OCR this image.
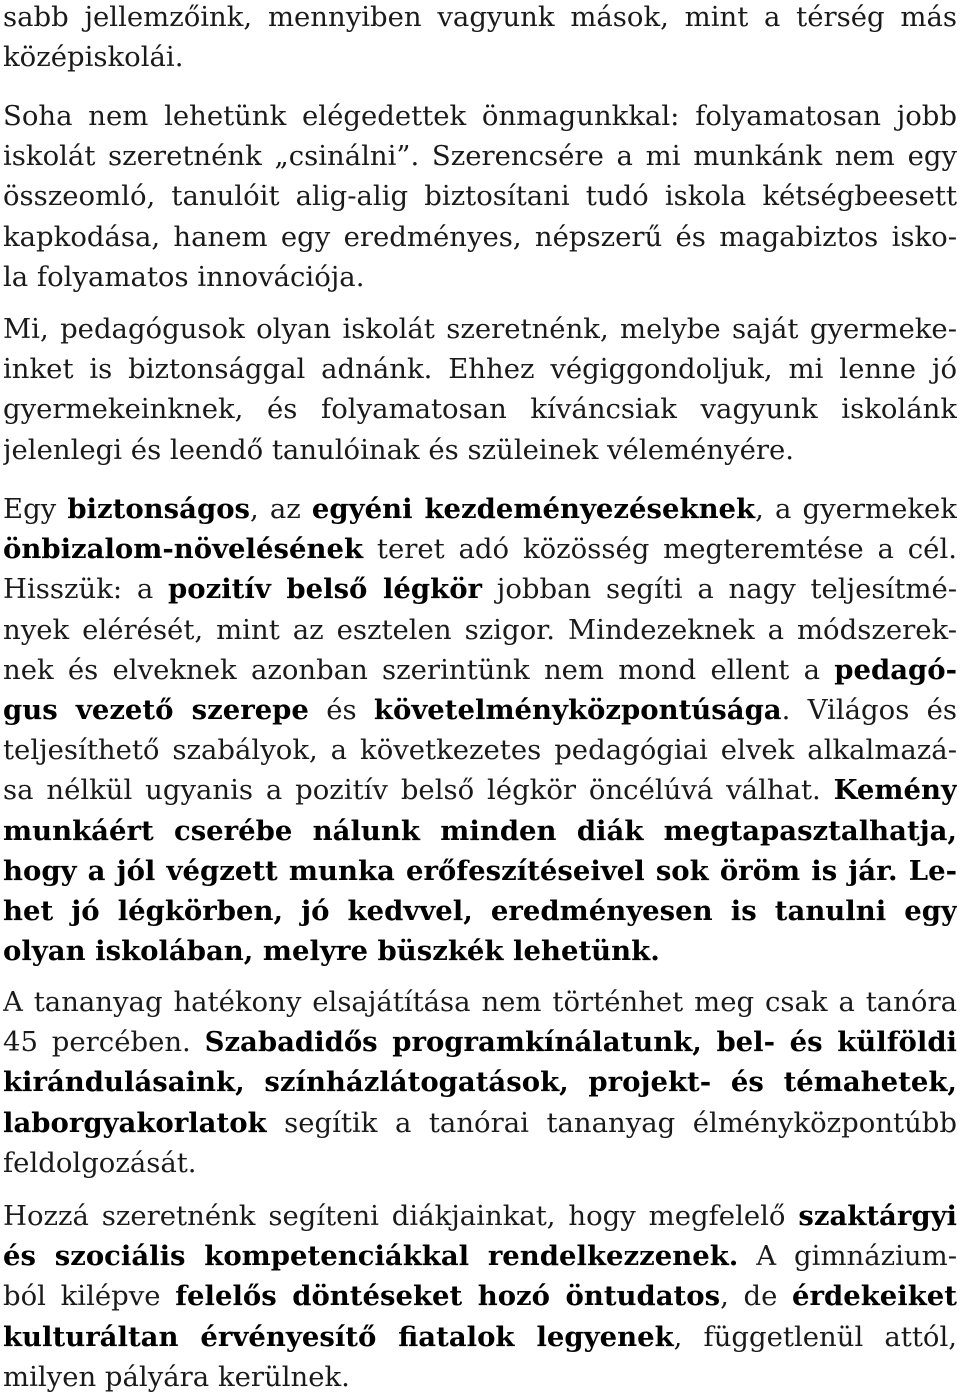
sabb jellemzőink, mennyiben vagyunk mások, mint a térség más
középiskolái.
Soha nem lehetünk elégedettek önmagunkkal: folyamatosan jobb
iskolát szeretnénk „csinálni”. Szerencsére a mi munkánk nem egy
összeomló, tanulóit alig-alig biztosítani tudó iskola kétségbeesett
kapkodása, hanem egy eredményes, népszerű és magabiztos isko-
la folyamatos innovációja.
Mi, pedagógusok olyan iskolát szeretnénk, melybe saját gyermeke-
inket is biztonsággal adnánk. Ehhez végiggondoljuk, mi lenne jó
gyermekeinknek, és folyamatosan kíváncsiak vagyunk iskolánk
jelenlegi és leendő tanulóinak és szüleinek véleményére.
Egy biztonságos, az egyéni kezdeményezéseknek, a gyermekek
önbizalom-növelésének teret adó közösség megteremtése a cél.
Hisszük: a pozitív belső légkör jobban segíti a nagy teljesítmé-
nyek elérését, mint az esztelen szigor. Mindezeknek a módszerek-
nek és elveknek azonban szerintünk nem mond ellent a pedagó-
gus vezető szerepe és követelményközpontúsága. Világos és
teljesíthető szabályok, a következetes pedagógiai elvek alkalmazá-
sa nélkül ugyanis a pozitív belső légkör öncélúvá válhat. Kemény
munkáért cserébe nálunk minden diák megtapasztalhatja,
hogy a jól végzett munka erőfeszítéseivel sok öröm is jár. Le-
het jó légkörben, jó kedvvel, eredményesen is tanulni egy
olyan iskolában, melyre büszkék lehetünk.
A tananyag hatékony elsajátítása nem történhet meg csak a tanóra
45 percében. Szabadidős programkínálatunk, bel- és külföldi
kirándulásaink, színházlátogatások, projekt- és témahetek,
laborgyakorlatok segítik a tanórai tananyag élményközpontúbb
feldolgozását.
Hozzá szeretnénk segíteni diákjainkat, hogy megfelelő szaktárgyi
és szociális kompetenciákkal rendelkezzenek. A gimnázium-
ból kilépve felelős döntéseket hozó öntudatos, de érdekeiket
kulturáltan érvényesítő fiatalok legyenek, függetlenül attól,
milyen pályára kerülnek.
